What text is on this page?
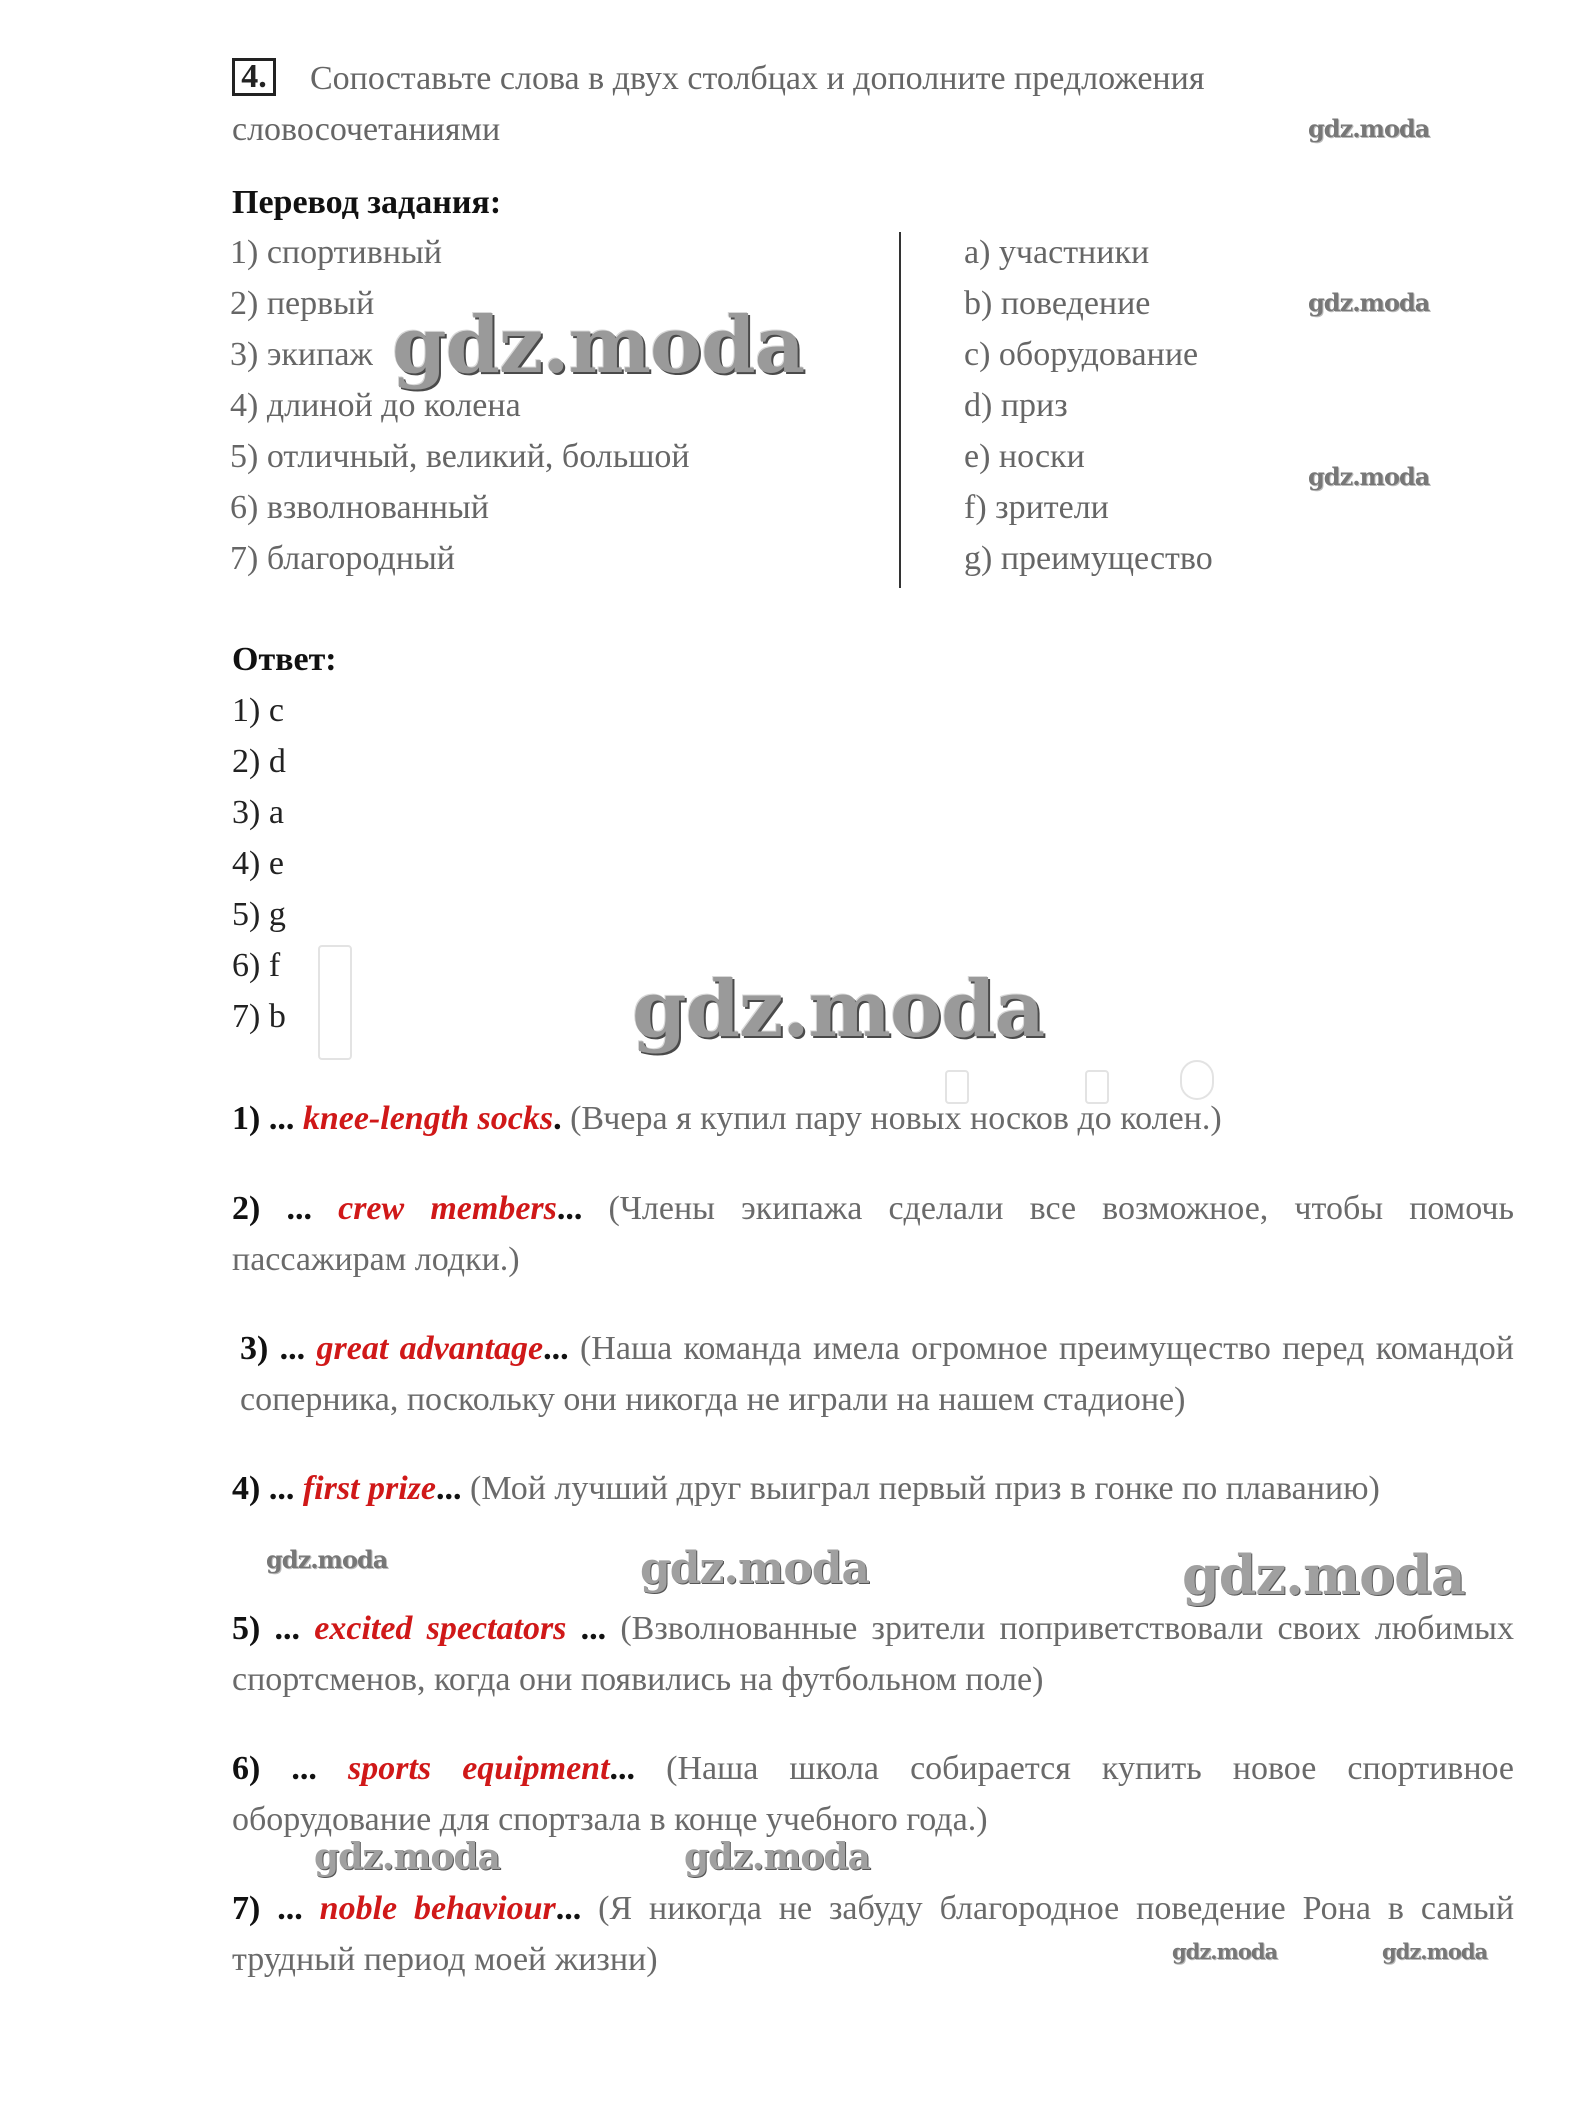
4. Сопоставьте слова в двух столбцах и дополните предложения
словосочетаниями
Перевод задания:
1) спортивный
2) первый
3) экипаж
4) длиной до колена
5) отличный, великий, большой
6) взволнованный
7) благородный
a) участники
b) поведение
c) оборудование
d) приз
e) носки
f) зрители
g) преимущество
Ответ:
1) c
2) d
3) a
4) e
5) g
6) f
7) b
1) ... knee-length socks. (Вчера я купил пару новых носков до колен.)
2) ... crew members... (Члены экипажа сделали все возможное, чтобы помочь пассажирам лодки.)
3) ... great advantage... (Наша команда имела огромное преимущество перед командой соперника, поскольку они никогда не играли на нашем стадионе)
4) ... first prize... (Мой лучший друг выиграл первый приз в гонке по плаванию)
5) ... excited spectators ... (Взволнованные зрители поприветствовали своих любимых спортсменов, когда они появились на футбольном поле)
6) ... sports equipment... (Наша школа собирается купить новое спортивное оборудование для спортзала в конце учебного года.)
7) ... noble behaviour... (Я никогда не забуду благородное поведение Рона в самый трудный период моей жизни)
gdz.moda
gdz.moda
gdz.moda
gdz.moda
gdz.moda
gdz.moda	gdz.moda	gdz.moda
gdz.moda	gdz.moda
gdz.moda	gdz.moda
